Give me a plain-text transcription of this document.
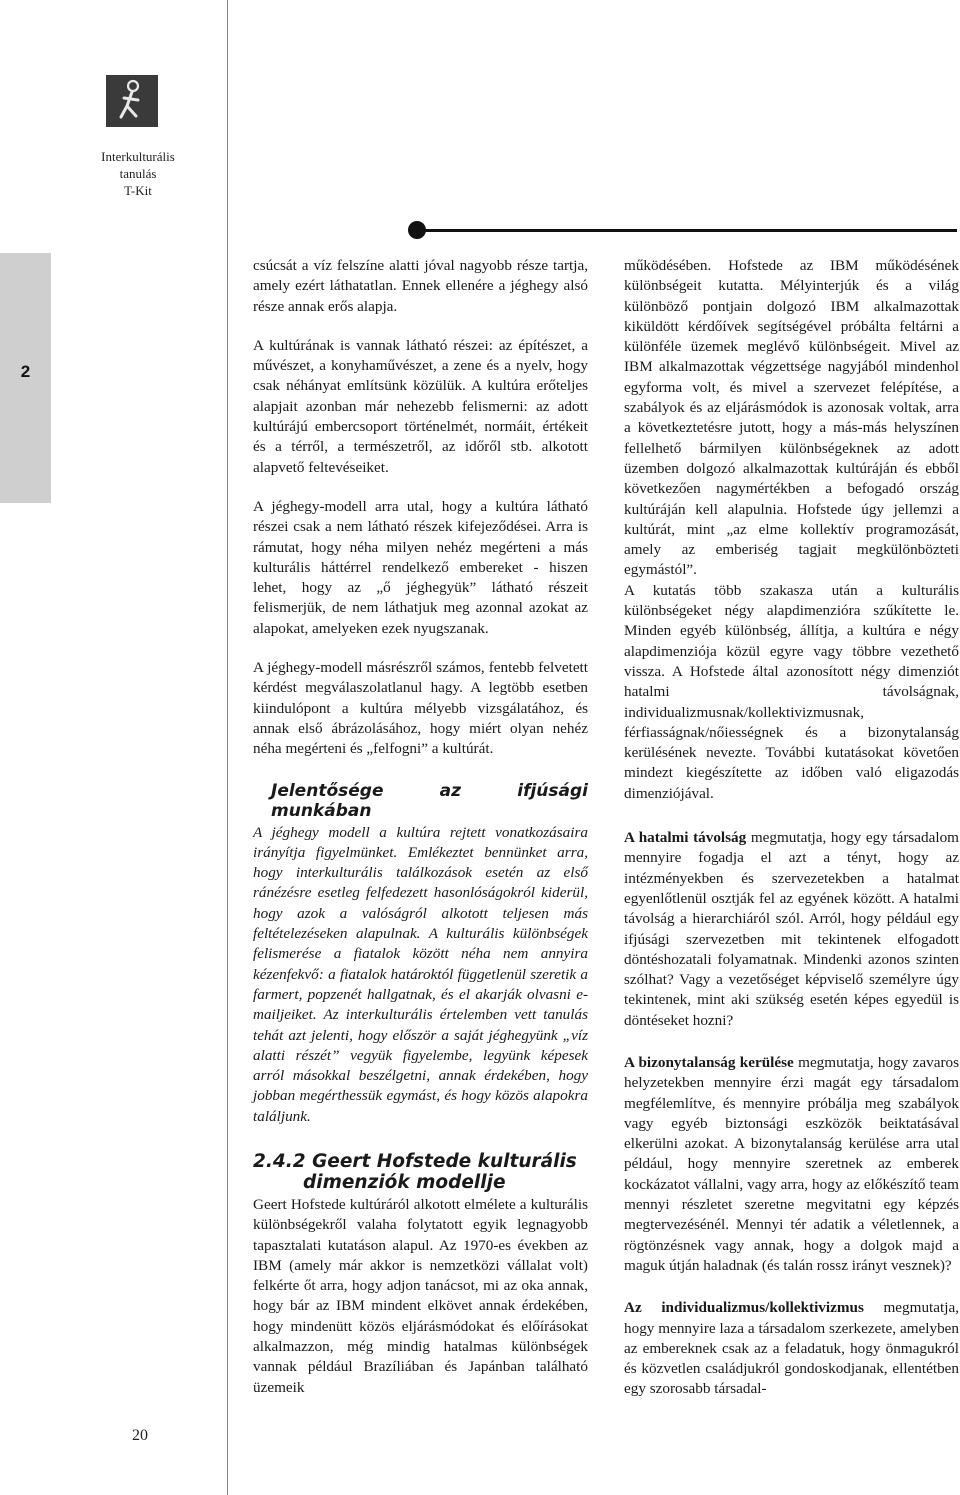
Interkulturális
tanulás
T-Kit
2
20

csúcsát a víz felszíne alatti jóval nagyobb része tartja, amely ezért láthatatlan. Ennek ellenére a jéghegy alsó része annak erős alapja.

A kultúrának is vannak látható részei: az építészet, a művészet, a konyhaművészet, a zene és a nyelv, hogy csak néhányat említsünk közülük. A kultúra erőteljes alapjait azonban már nehezebb felismerni: az adott kultúrájú embercsoport történelmét, normáit, értékeit és a térről, a természetről, az időről stb. alkotott alapvető feltevéseiket.

A jéghegy-modell arra utal, hogy a kultúra látható részei csak a nem látható részek kifejeződései. Arra is rámutat, hogy néha milyen nehéz megérteni a más kulturális háttérrel rendelkező embereket - hiszen lehet, hogy az „ő jéghegyük” látható részeit felismerjük, de nem láthatjuk meg azonnal azokat az alapokat, amelyeken ezek nyugszanak.

A jéghegy-modell másrészről számos, fentebb felvetett kérdést megválaszolatlanul hagy. A legtöbb esetben kiindulópont a kultúra mélyebb vizsgálatához, és annak első ábrázolásához, hogy miért olyan nehéz néha megérteni és „felfogni” a kultúrát.

Jelentősége az ifjúsági munkában

A jéghegy modell a kultúra rejtett vonatkozásaira irányítja figyelmünket. Emlékeztet bennünket arra, hogy interkulturális találkozások esetén az első ránézésre esetleg felfedezett hasonlóságokról kiderül, hogy azok a valóságról alkotott teljesen más feltételezéseken alapulnak. A kulturális különbségek felismerése a fiatalok között néha nem annyira kézenfekvő: a fiatalok határoktól függetlenül szeretik a farmert, popzenét hallgatnak, és el akarják olvasni e-mailjeiket. Az interkulturális értelemben vett tanulás tehát azt jelenti, hogy először a saját jéghegyünk „víz alatti részét” vegyük figyelembe, legyünk képesek arról másokkal beszélgetni, annak érdekében, hogy jobban megérthessük egymást, és hogy közös alapokra találjunk.

2.4.2 Geert Hofstede kulturális
dimenziók modellje

Geert Hofstede kultúráról alkotott elmélete a kulturális különbségekről valaha folytatott egyik legnagyobb tapasztalati kutatáson alapul. Az 1970-es években az IBM (amely már akkor is nemzetközi vállalat volt) felkérte őt arra, hogy adjon tanácsot, mi az oka annak, hogy bár az IBM mindent elkövet annak érdekében, hogy mindenütt közös eljárásmódokat és előírásokat alkalmazzon, még mindig hatalmas különbségek vannak például Brazíliában és Japánban található üzemeik

működésében. Hofstede az IBM működésének különbségeit kutatta. Mélyinterjúk és a világ különböző pontjain dolgozó IBM alkalmazottak kiküldött kérdőívek segítségével próbálta feltárni a különféle üzemek meglévő különbségeit. Mivel az IBM alkalmazottak végzettsége nagyjából mindenhol egyforma volt, és mivel a szervezet felépítése, a szabályok és az eljárásmódok is azonosak voltak, arra a következtetésre jutott, hogy a más-más helyszínen fellelhető bármilyen különbségeknek az adott üzemben dolgozó alkalmazottak kultúráján és ebből következően nagymértékben a befogadó ország kultúráján kell alapulnia. Hofstede úgy jellemzi a kultúrát, mint „az elme kollektív programozását, amely az emberiség tagjait megkülönbözteti egymástól”.

A kutatás több szakasza után a kulturális különbségeket négy alapdimenzióra szűkítette le. Minden egyéb különbség, állítja, a kultúra e négy alapdimenziója közül egyre vagy többre vezethető vissza. A Hofstede által azonosított négy dimenziót hatalmi távolságnak, individualizmusnak/kollektivizmusnak, férfiasságnak/nőiességnek és a bizonytalanság kerülésének nevezte. További kutatásokat követően mindezt kiegészítette az időben való eligazodás dimenziójával.

A hatalmi távolság megmutatja, hogy egy társadalom mennyire fogadja el azt a tényt, hogy az intézményekben és szervezetekben a hatalmat egyenlőtlenül osztják fel az egyének között. A hatalmi távolság a hierarchiáról szól. Arról, hogy például egy ifjúsági szervezetben mit tekintenek elfogadott döntéshozatali folyamatnak. Mindenki azonos szinten szólhat? Vagy a vezetőséget képviselő személyre úgy tekintenek, mint aki szükség esetén képes egyedül is döntéseket hozni?

A bizonytalanság kerülése megmutatja, hogy zavaros helyzetekben mennyire érzi magát egy társadalom megfélemlítve, és mennyire próbálja meg szabályok vagy egyéb biztonsági eszközök beiktatásával elkerülni azokat. A bizonytalanság kerülése arra utal például, hogy mennyire szeretnek az emberek kockázatot vállalni, vagy arra, hogy az előkészítő team mennyi részletet szeretne megvitatni egy képzés megtervezésénél. Mennyi tér adatik a véletlennek, a rögtönzésnek vagy annak, hogy a dolgok majd a maguk útján haladnak (és talán rossz irányt vesznek)?

Az individualizmus/kollektivizmus megmutatja, hogy mennyire laza a társadalom szerkezete, amelyben az embereknek csak az a feladatuk, hogy önmagukról és közvetlen családjukról gondoskodjanak, ellentétben egy szorosabb társadal-
